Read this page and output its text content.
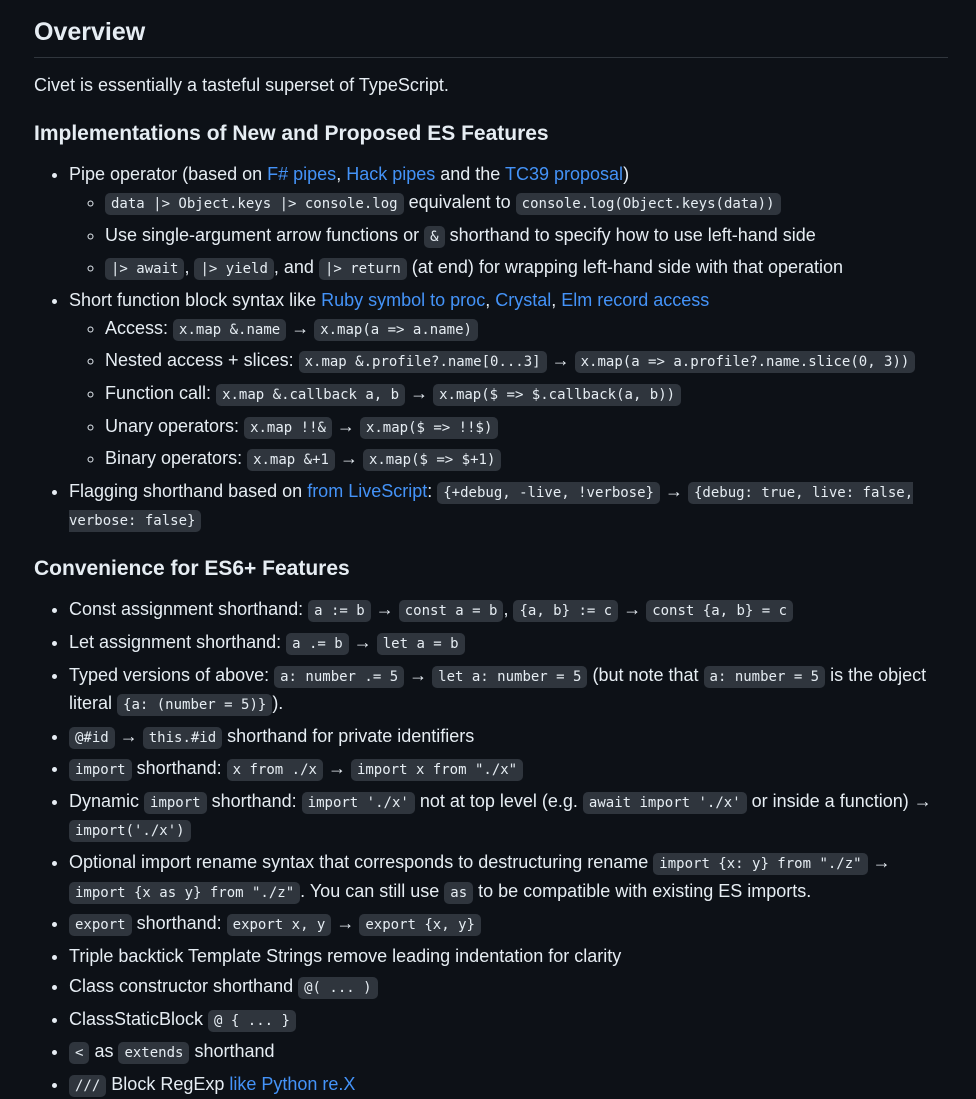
Overview

Civet is essentially a tasteful superset of TypeScript.

Implementations of New and Proposed ES Features
• Pipe operator (based on F# pipes, Hack pipes and the TC39 proposal)
◦ data |> Object.keys |> console.log equivalent to console.log(Object.keys(data))
◦ Use single-argument arrow functions or & shorthand to specify how to use left-hand side
◦ |> await , |> yield , and |> return (at end) for wrapping left-hand side with that operation
• Short function block syntax like Ruby symbol to proc, Crystal, Elm record access
◦ Access: x.map &.name → x.map(a => a.name)
◦ Nested access + slices: x.map &.profile?.name[0...3] → x.map(a => a.profile?.name.slice(0, 3))
◦ Function call: x.map &.callback a, b → x.map($ => $.callback(a, b))
◦ Unary operators: x.map !!& → x.map($ => !!$)
◦ Binary operators: x.map &+1 → x.map($ => $+1)
• Flagging shorthand based on from LiveScript: {+debug, -live, !verbose} → {debug: true, live: false, verbose: false}
Convenience for ES6+ Features
• Const assignment shorthand: a := b → const a = b , {a, b} := c → const {a, b} = c
• Let assignment shorthand: a .= b → let a = b
• Typed versions of above: a: number .= 5 → let a: number = 5 (but note that a: number = 5 is the object literal {a: (number = 5)} ).
• @#id → this.#id shorthand for private identifiers
• import shorthand: x from ./x → import x from "./x"
• Dynamic import shorthand: import './x' not at top level (e.g. await import './x' or inside a function) → import('./x')
• Optional import rename syntax that corresponds to destructuring rename import {x: y} from "./z" → import {x as y} from "./z" . You can still use as to be compatible with existing ES imports.
• export shorthand: export x, y → export {x, y}
• Triple backtick Template Strings remove leading indentation for clarity
• Class constructor shorthand @( ... )
• ClassStaticBlock @ { ... }
• < as extends shorthand
• /// Block RegExp like Python re.X
